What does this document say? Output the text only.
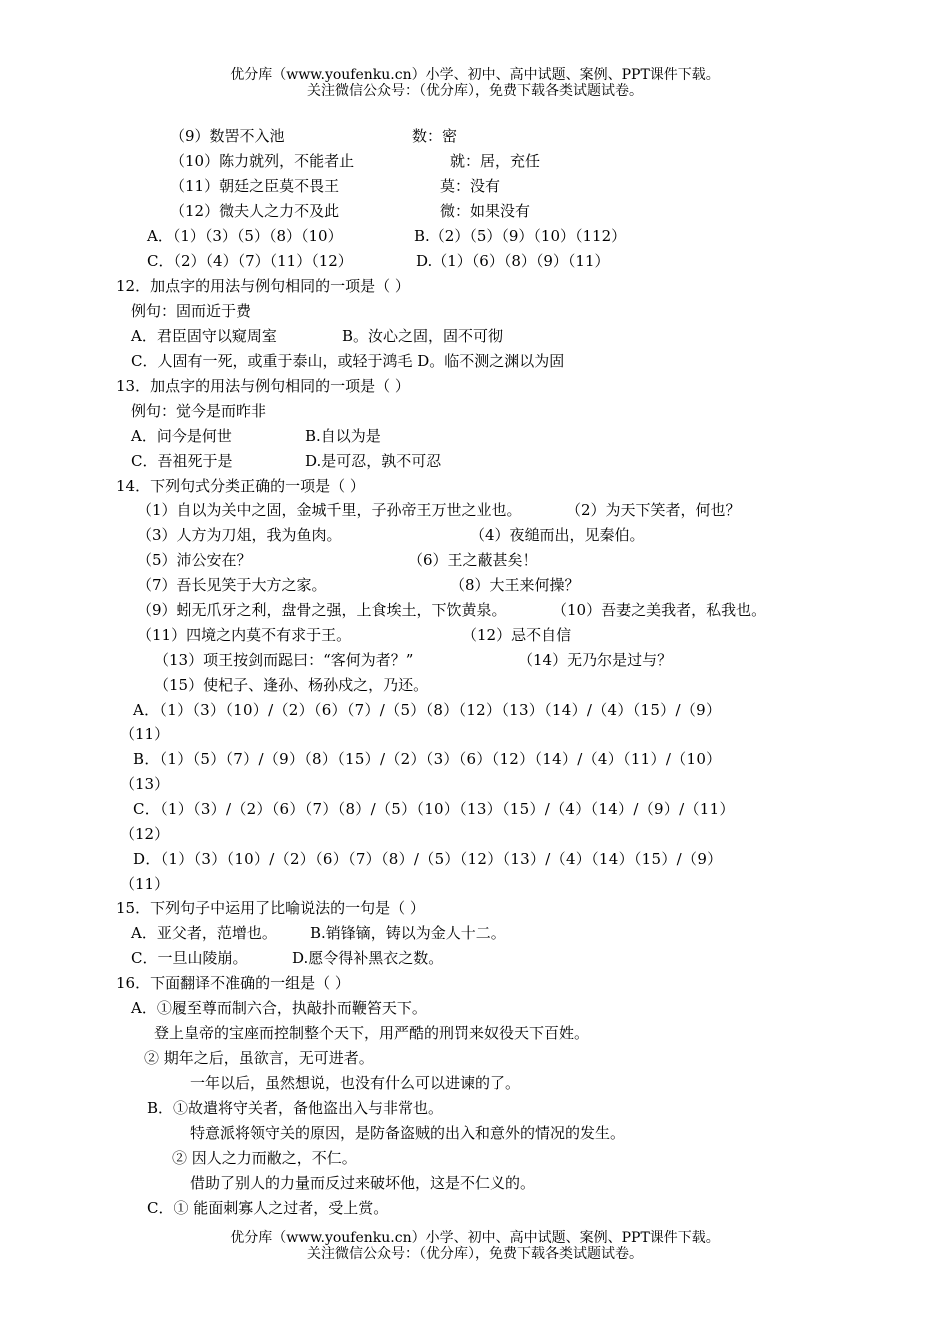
优分库（www.youfenku.cn）小学、初中、高中试题、案例、PPT课件下载。
关注微信公众号：（优分库），免费下载各类试题试卷。
（9）数罟不入池	数：密
（10）陈力就列，不能者止	就：居，充任
（11）朝廷之臣莫不畏王	莫：没有
（12）微夫人之力不及此	微：如果没有
A．（1）（3）（5）（8）（10）	B.（2）（5）（9）（10）（112）
C．（2）（4）（7）（11）（12）	D.（1）（6）（8）（9）（11）
12．加点字的用法与例句相同的一项是（ ）
例句：固而近于费
A．君臣固守以窥周室	B。汝心之固，固不可彻
C．人固有一死，或重于泰山，或轻于鸿毛 D。临不测之渊以为固
13．加点字的用法与例句相同的一项是（ ）
例句：觉今是而昨非
A．问今是何世	B.自以为是
C．吾祖死于是	D.是可忍，孰不可忍
14．下列句式分类正确的一项是（ ）
（1）自以为关中之固，金城千里，子孙帝王万世之业也。	（2）为天下笑者，何也？
（3）人方为刀俎，我为鱼肉。	（4）夜缒而出，见秦伯。
（5）沛公安在？	（6）王之蔽甚矣！
（7）吾长见笑于大方之家。	（8）大王来何操？
（9）蚓无爪牙之利，盘骨之强，上食埃土，下饮黄泉。	（10）吾妻之美我者，私我也。
（11）四境之内莫不有求于王。	（12）忌不自信
（13）项王按剑而跽曰：“客何为者？”	（14）无乃尔是过与？
（15）使杞子、逢孙、杨孙戍之，乃还。
A．（1）（3）（10）/（2）（6）（7）/（5）（8）（12）（13）（14）/（4）（15）/（9）
（11）
B．（1）（5）（7）/（9）（8）（15）/（2）（3）（6）（12）（14）/（4）（11）/（10）
（13）
C．（1）（3）/（2）（6）（7）（8）/（5）（10）（13）（15）/（4）（14）/（9）/（11）
（12）
D．（1）（3）（10）/（2）（6）（7）（8）/（5）（12）（13）/（4）（14）（15）/（9）
（11）
15．下列句子中运用了比喻说法的一句是（ ）
A．亚父者，范增也。 B.销锋镝，铸以为金人十二。
C．一旦山陵崩。	D.愿令得补黑衣之数。
16．下面翻译不准确的一组是（ ）
A．①履至尊而制六合，执敲扑而鞭笞天下。
登上皇帝的宝座而控制整个天下，用严酷的刑罚来奴役天下百姓。
② 期年之后，虽欲言，无可进者。
一年以后，虽然想说，也没有什么可以进谏的了。
B．①故遣将守关者，备他盗出入与非常也。
特意派将领守关的原因，是防备盗贼的出入和意外的情况的发生。
② 因人之力而敝之，不仁。
借助了别人的力量而反过来破坏他，这是不仁义的。
C．① 能面刺寡人之过者，受上赏。
优分库（www.youfenku.cn）小学、初中、高中试题、案例、PPT课件下载。
关注微信公众号：（优分库），免费下载各类试题试卷。
